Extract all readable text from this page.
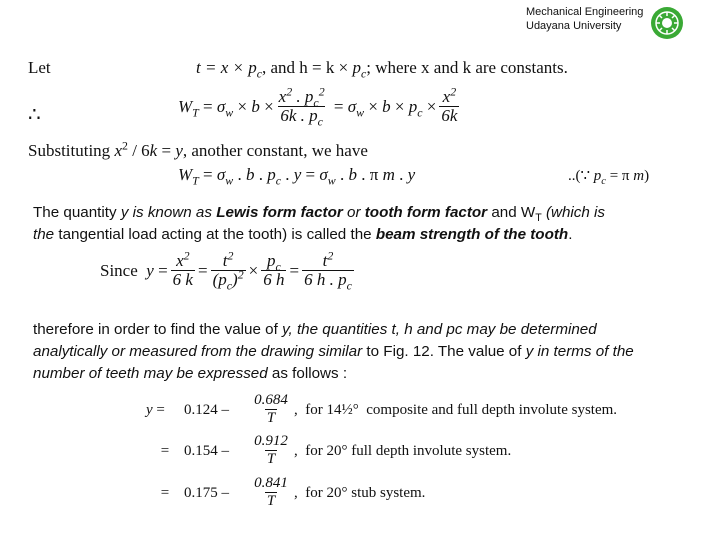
Mechanical Engineering
Udayana University
Let	$t = x \times p_c$, and $h = k \times p_c$; where x and k are constants.
∴	$W_T = \sigma_w \times b \times \frac{x^2 . p_c^2}{6k . p_c} = \sigma_w \times b \times p_c \times \frac{x^2}{6k}$
Substituting $x^2 / 6k = y$, another constant, we have
$W_T = \sigma_w$ . b . $p_c$ . $y = \sigma_w$ . b . π m . y	..(∵ $p_c = \pi$ m)
The quantity y is known as Lewis form factor or tooth form factor and $W_T$ (which is
the tangential load acting at the tooth) is called the beam strength of the tooth.
Since
$y = \frac{x^2}{6 k} = \frac{t^2}{(p_c)^2} \times \frac{p_c}{6 h} = \frac{t^2}{6 h . p_c}$
therefore in order to find the value of y, the quantities t, h and pc may be determined
analytically or measured from the drawing similar to Fig. 12. The value of y in terms of the
number of teeth may be expressed as follows :
y =	0.124 –	$\frac{0.684}{T}$ ,  for 14½°  composite and full depth involute system.
= 0.154 –	$\frac{0.912}{T}$ ,  for 20° full depth involute system.
= 0.175 –	$\frac{0.841}{T}$ ,  for 20° stub system.
